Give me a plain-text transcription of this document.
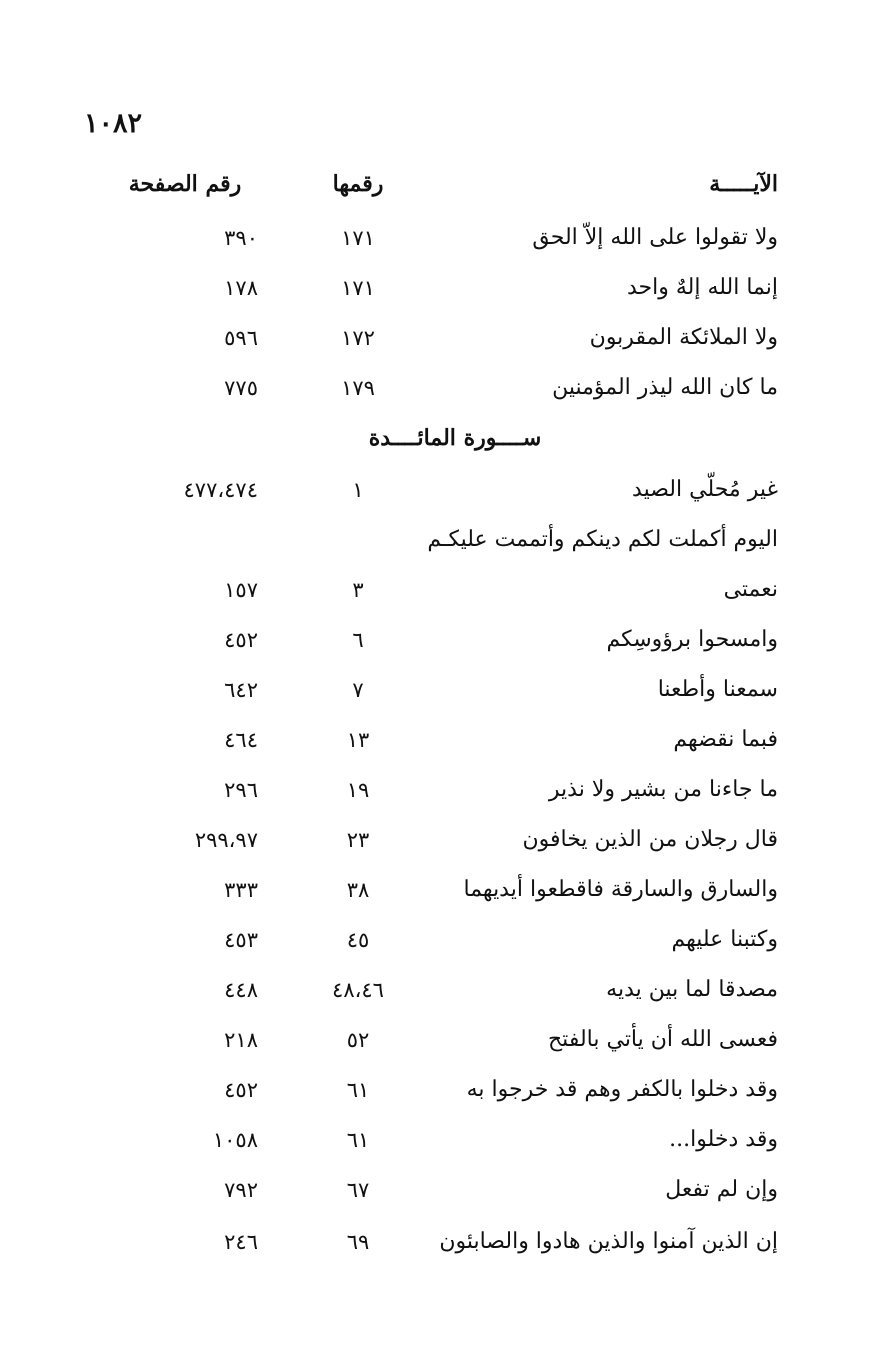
١٠٨٢
الآيـــــة
رقمها
رقم الصفحة
ولا تقولوا على الله إلاّ الحق
١٧١
٣٩٠
إنما الله إلهٌ واحد
١٧١
١٧٨
ولا الملائكة المقربون
١٧٢
٥٩٦
ما كان الله ليذر المؤمنين
١٧٩
٧٧٥
ســــورة المائــــدة
غير مُحلّي الصيد
١
٤٧٧،٤٧٤
اليوم أكملت لكم دينكم وأتممت عليكـم
نعمتى
٣
١٥٧
وامسحوا برؤوسِكم
٦
٤٥٢
سمعنا وأطعنا
٧
٦٤٢
فبما نقضهم
١٣
٤٦٤
ما جاءنا من بشير ولا نذير
١٩
٢٩٦
قال رجلان من الذين يخافون
٢٣
٢٩٩،٩٧
والسارق والسارقة فاقطعوا أيديهما
٣٨
٣٣٣
وكتبنا عليهم
٤٥
٤٥٣
مصدقا لما بين يديه
٤٨،٤٦
٤٤٨
فعسى الله أن يأتي بالفتح
٥٢
٢١٨
وقد دخلوا بالكفر وهم قد خرجوا به
٦١
٤٥٢
وقد دخلوا...
٦١
١٠٥٨
وإن لم تفعل
٦٧
٧٩٢
إن الذين آمنوا والذين هادوا والصابئون
٦٩
٢٤٦
